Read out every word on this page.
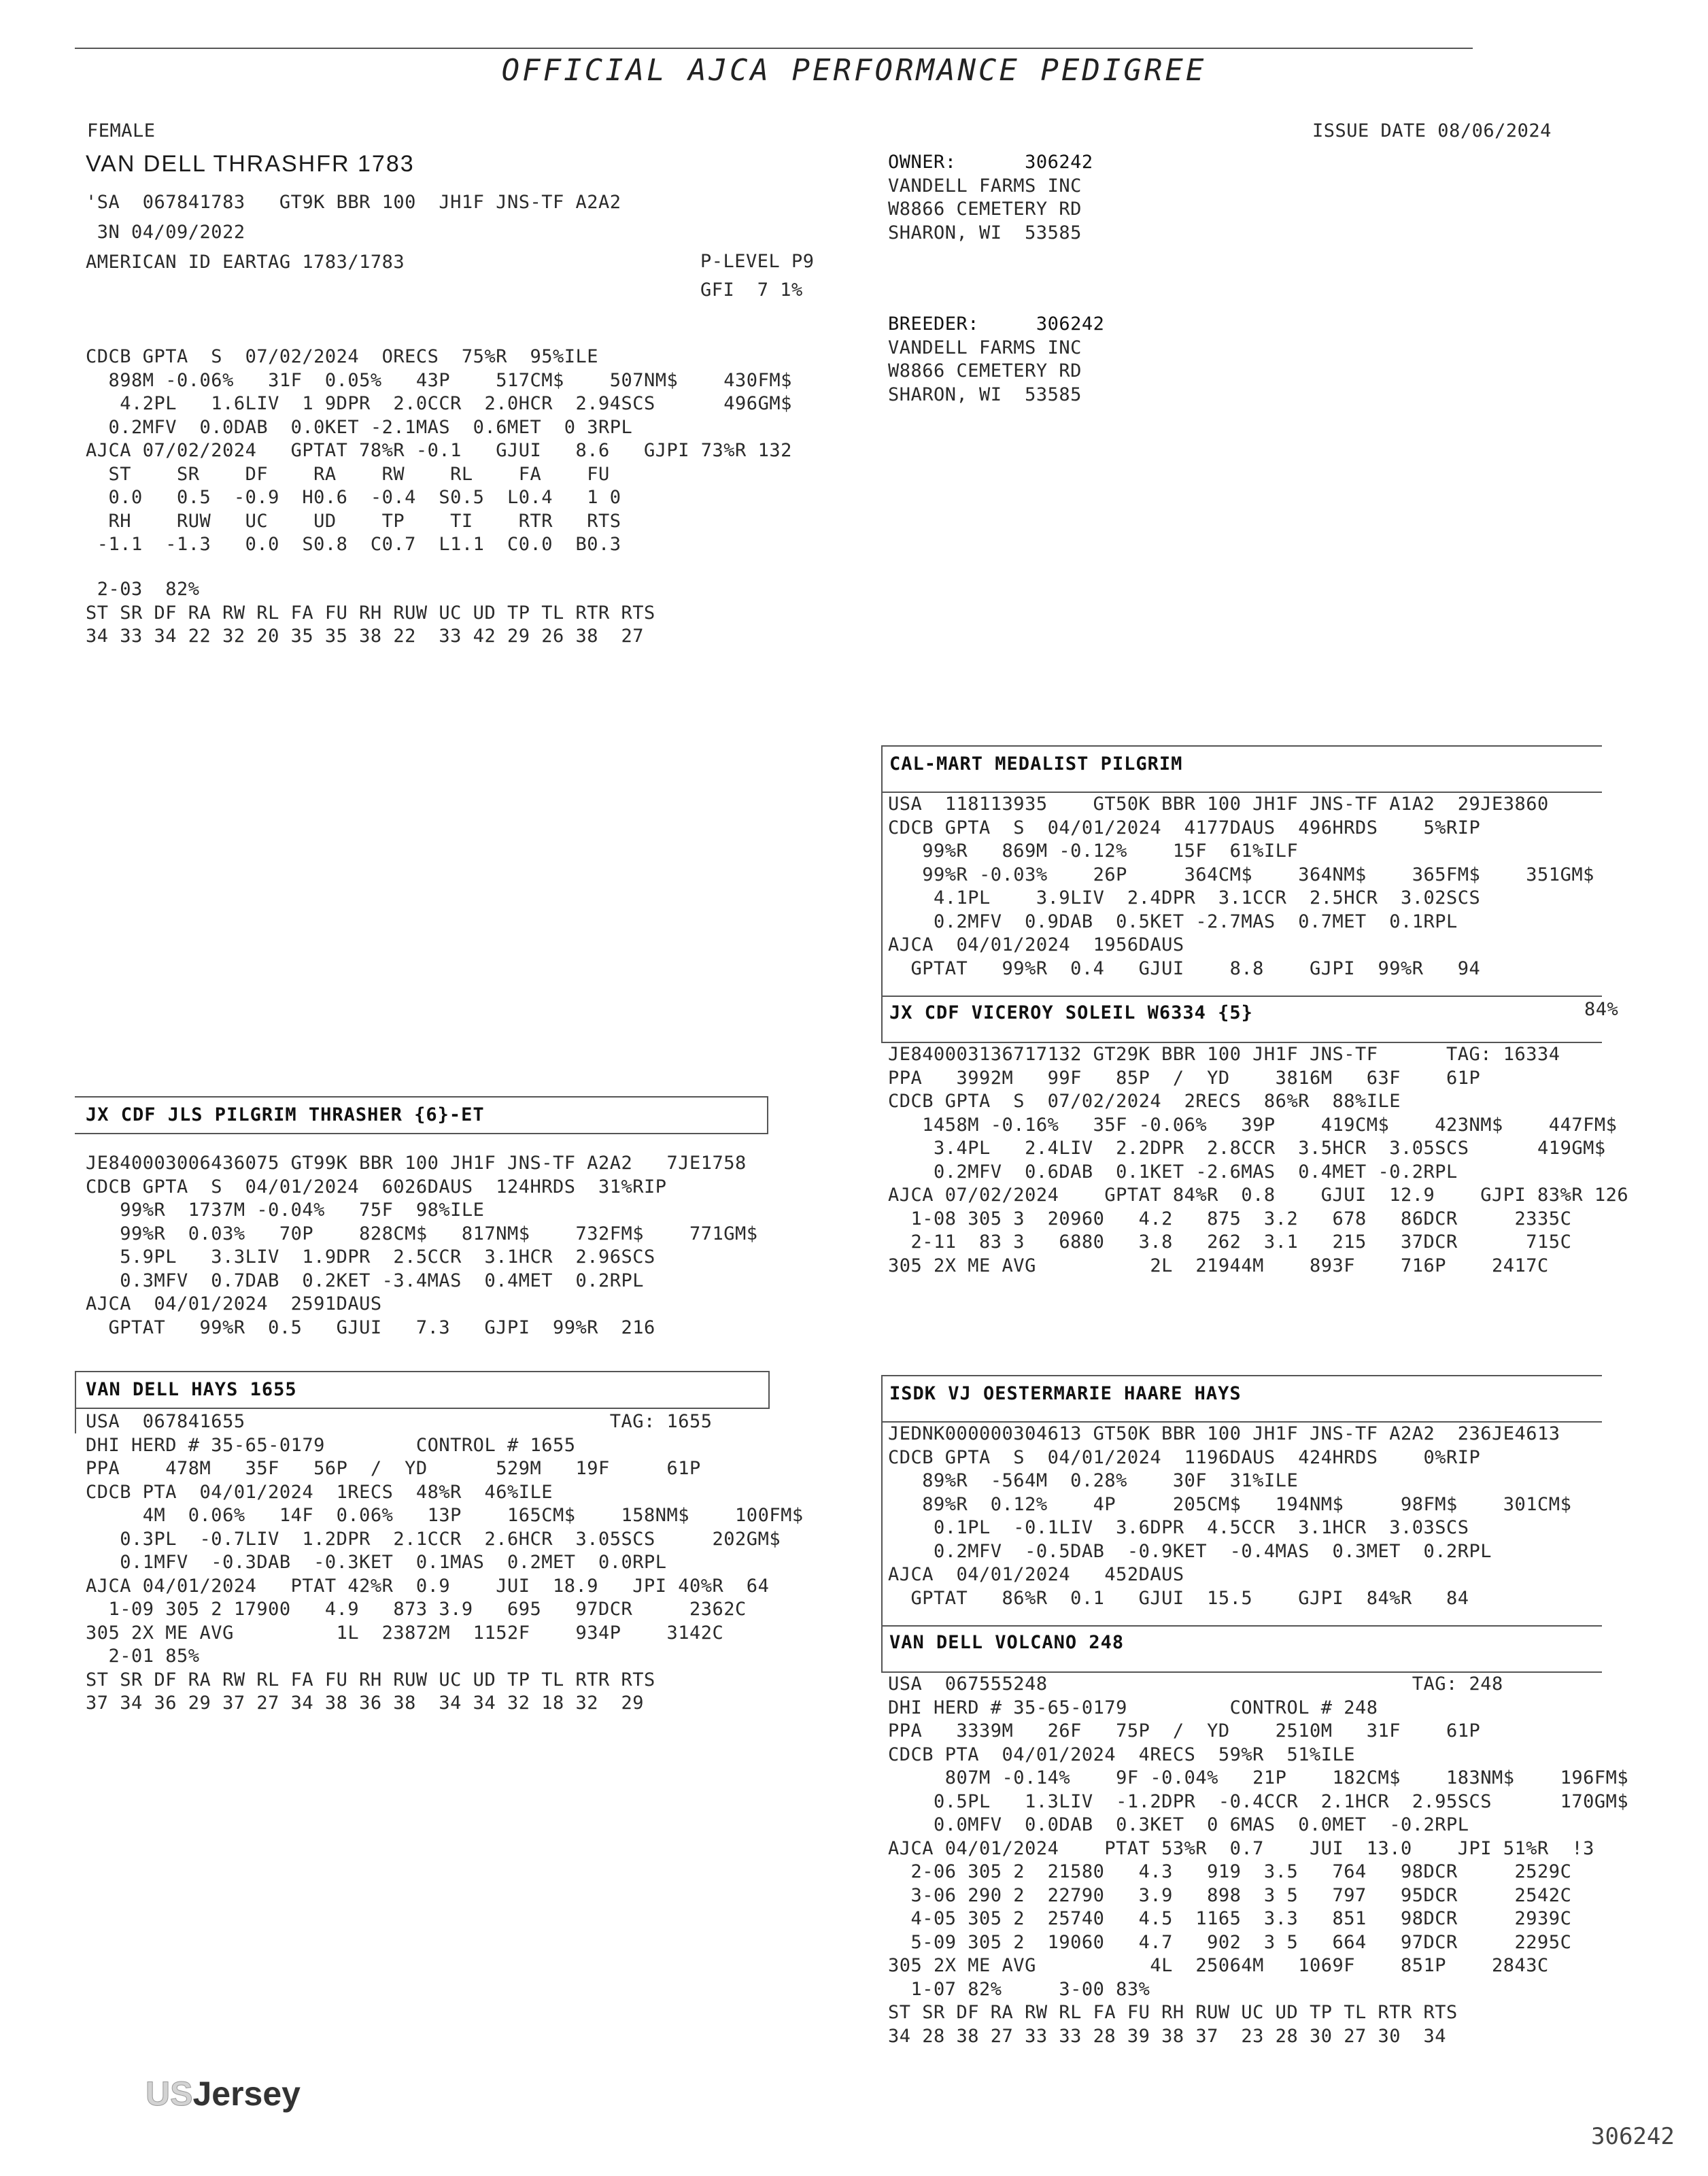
OFFICIAL AJCA PERFORMANCE PEDIGREE
FEMALE	ISSUE DATE 08/06/2024
VAN DELL THRASHFR 1783
'SA  067841783   GT9K BBR 100  JH1F JNS-TF A2A2
3N 04/09/2022
AMERICAN ID EARTAG 1783/1783	P-LEVEL P9
GFI  7 1%
OWNER:	306242
VANDELL FARMS INC
W8866 CEMETERY RD
SHARON, WI  53585
BREEDER:	306242
VANDELL FARMS INC
W8866 CEMETERY RD
SHARON, WI  53585
CDCB GPTA  S  07/02/2024  ORECS  75%R  95%ILE
898M -0.06%   31F  0.05%   43P    517CM$    507NM$    430FM$
4.2PL   1.6LIV  1 9DPR  2.0CCR  2.0HCR  2.94SCS      496GM$
0.2MFV  0.0DAB  0.0KET -2.1MAS  0.6MET  0 3RPL
AJCA 07/02/2024   GPTAT 78%R -0.1   GJUI   8.6   GJPI 73%R 132
ST    SR    DF    RA    RW    RL    FA    FU
0.0   0.5  -0.9  H0.6  -0.4  S0.5  L0.4   1 0
RH    RUW   UC    UD    TP    TI    RTR   RTS
-1.1  -1.3   0.0  S0.8  C0.7  L1.1  C0.0  B0.3
2-03  82%
ST SR DF RA RW RL FA FU RH RUW UC UD TP TL RTR RTS
34 33 34 22 32 20 35 35 38 22  33 42 29 26 38  27
CAL-MART MEDALIST PILGRIM
USA  118113935    GT50K BBR 100 JH1F JNS-TF A1A2  29JE3860
CDCB GPTA  S  04/01/2024  4177DAUS  496HRDS    5%RIP
99%R   869M -0.12%    15F  61%ILF
99%R -0.03%    26P     364CM$    364NM$    365FM$    351GM$
4.1PL    3.9LIV  2.4DPR  3.1CCR  2.5HCR  3.02SCS
0.2MFV  0.9DAB  0.5KET -2.7MAS  0.7MET  0.1RPL
AJCA  04/01/2024  1956DAUS
GPTAT   99%R  0.4   GJUI    8.8    GJPI  99%R   94
JX CDF VICEROY SOLEIL W6334 {5}	84%
JE840003136717132 GT29K BBR 100 JH1F JNS-TF      TAG: 16334
PPA   3992M   99F   85P  /  YD    3816M   63F    61P
CDCB GPTA  S  07/02/2024  2RECS  86%R  88%ILE
1458M -0.16%   35F -0.06%   39P    419CM$    423NM$    447FM$
3.4PL   2.4LIV  2.2DPR  2.8CCR  3.5HCR  3.05SCS      419GM$
0.2MFV  0.6DAB  0.1KET -2.6MAS  0.4MET -0.2RPL
AJCA 07/02/2024    GPTAT 84%R  0.8    GJUI  12.9    GJPI 83%R 126
1-08 305 3  20960   4.2   875  3.2   678   86DCR     2335C
2-11  83 3   6880   3.8   262  3.1   215   37DCR      715C
305 2X ME AVG          2L  21944M    893F    716P    2417C
JX CDF JLS PILGRIM THRASHER {6}-ET
JE840003006436075 GT99K BBR 100 JH1F JNS-TF A2A2   7JE1758
CDCB GPTA  S  04/01/2024  6026DAUS  124HRDS  31%RIP
99%R  1737M -0.04%   75F  98%ILE
99%R  0.03%   70P    828CM$   817NM$    732FM$    771GM$
5.9PL   3.3LIV  1.9DPR  2.5CCR  3.1HCR  2.96SCS
0.3MFV  0.7DAB  0.2KET -3.4MAS  0.4MET  0.2RPL
AJCA  04/01/2024  2591DAUS
GPTAT   99%R  0.5   GJUI   7.3   GJPI  99%R  216
VAN DELL HAYS 1655
USA  067841655                                TAG: 1655
DHI HERD # 35-65-0179        CONTROL # 1655
PPA    478M   35F   56P  /  YD      529M   19F     61P
CDCB PTA  04/01/2024  1RECS  48%R  46%ILE
4M  0.06%   14F  0.06%   13P    165CM$    158NM$    100FM$
0.3PL  -0.7LIV  1.2DPR  2.1CCR  2.6HCR  3.05SCS     202GM$
0.1MFV  -0.3DAB  -0.3KET  0.1MAS  0.2MET  0.0RPL
AJCA 04/01/2024   PTAT 42%R  0.9    JUI  18.9   JPI 40%R  64
1-09 305 2 17900   4.9   873 3.9   695   97DCR     2362C
305 2X ME AVG         1L  23872M  1152F    934P    3142C
2-01 85%
ST SR DF RA RW RL FA FU RH RUW UC UD TP TL RTR RTS
37 34 36 29 37 27 34 38 36 38  34 34 32 18 32  29
ISDK VJ OESTERMARIE HAARE HAYS
JEDNK000000304613 GT50K BBR 100 JH1F JNS-TF A2A2  236JE4613
CDCB GPTA  S  04/01/2024  1196DAUS  424HRDS    0%RIP
89%R  -564M  0.28%    30F  31%ILE
89%R  0.12%    4P     205CM$   194NM$     98FM$    301CM$
0.1PL  -0.1LIV  3.6DPR  4.5CCR  3.1HCR  3.03SCS
0.2MFV  -0.5DAB  -0.9KET  -0.4MAS  0.3MET  0.2RPL
AJCA  04/01/2024   452DAUS
GPTAT   86%R  0.1   GJUI  15.5    GJPI  84%R   84
VAN DELL VOLCANO 248
USA  067555248                                TAG: 248
DHI HERD # 35-65-0179         CONTROL # 248
PPA   3339M   26F   75P  /  YD    2510M   31F    61P
CDCB PTA  04/01/2024  4RECS  59%R  51%ILE
807M -0.14%    9F -0.04%   21P    182CM$    183NM$    196FM$
0.5PL   1.3LIV  -1.2DPR  -0.4CCR  2.1HCR  2.95SCS      170GM$
0.0MFV  0.0DAB  0.3KET  0 6MAS  0.0MET  -0.2RPL
AJCA 04/01/2024    PTAT 53%R  0.7    JUI  13.0    JPI 51%R  !3
2-06 305 2  21580   4.3   919  3.5   764   98DCR     2529C
3-06 290 2  22790   3.9   898  3 5   797   95DCR     2542C
4-05 305 2  25740   4.5  1165  3.3   851   98DCR     2939C
5-09 305 2  19060   4.7   902  3 5   664   97DCR     2295C
305 2X ME AVG          4L  25064M   1069F    851P    2843C
1-07 82%     3-00 83%
ST SR DF RA RW RL FA FU RH RUW UC UD TP TL RTR RTS
34 28 38 27 33 33 28 39 38 37  23 28 30 27 30  34
USJersey
306242
